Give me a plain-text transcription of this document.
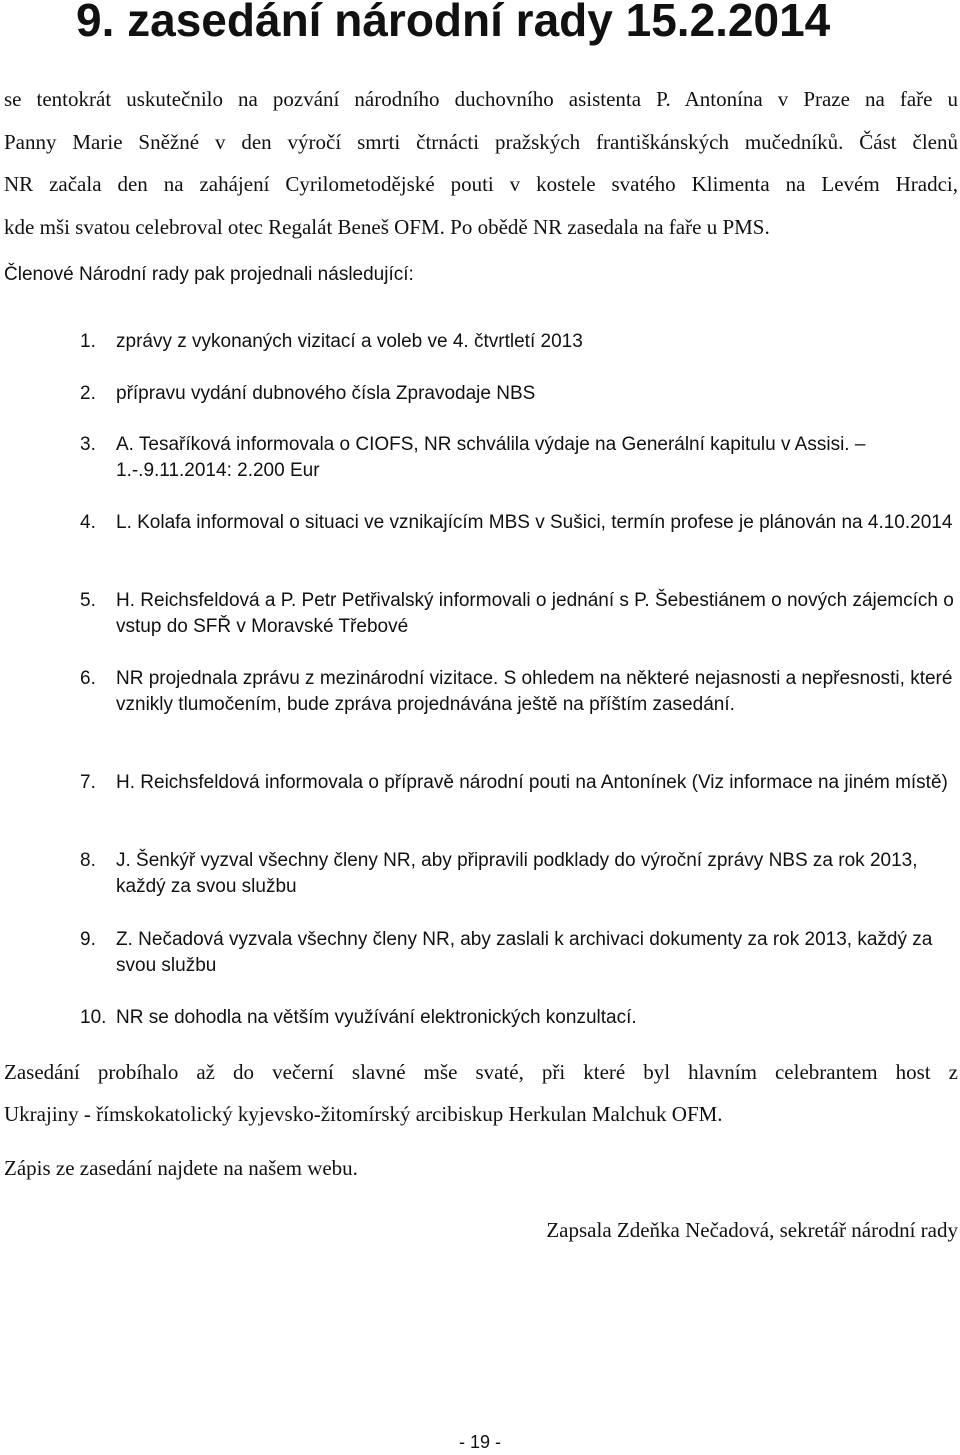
9. zasedání národní rady 15.2.2014

se tentokrát uskutečnilo na pozvání národního duchovního asistenta P. Antonína v Praze na faře u
Panny Marie Sněžné v den výročí smrti čtrnácti pražských františkánských mučedníků. Část členů
NR začala den na zahájení Cyrilometodějské pouti v kostele svatého Klimenta na Levém Hradci,
kde mši svatou celebroval otec Regalát Beneš OFM. Po obědě NR zasedala na faře u PMS.

Členové Národní rady pak projednali následující:

1. zprávy z vykonaných vizitací a voleb ve 4. čtvrtletí 2013
2. přípravu vydání dubnového čísla Zpravodaje NBS
3. A. Tesaříková informovala o CIOFS, NR schválila výdaje na Generální kapitulu v Assisi. – 1.-.9.11.2014: 2.200 Eur
4. L. Kolafa informoval o situaci ve vznikajícím MBS v Sušici, termín profese je plánován na 4.10.2014
5. H. Reichsfeldová a P. Petr Petřivalský informovali o jednání s P. Šebestiánem o nových zájemcích o vstup do SFŘ v Moravské Třebové
6. NR projednala zprávu z mezinárodní vizitace. S ohledem na některé nejasnosti a nepřesnosti, které vznikly tlumočením, bude zpráva projednávána ještě na příštím zasedání.
7. H. Reichsfeldová informovala o přípravě národní pouti na Antonínek (Viz informace na jiném místě)
8. J. Šenkýř vyzval všechny členy NR, aby připravili podklady do výroční zprávy NBS za rok 2013, každý za svou službu
9. Z. Nečadová vyzvala všechny členy NR, aby zaslali k archivaci dokumenty za rok 2013, každý za svou službu
10. NR se dohodla na větším využívání elektronických konzultací.

Zasedání probíhalo až do večerní slavné mše svaté, při které byl hlavním celebrantem host z
Ukrajiny - římskokatolický kyjevsko-žitomírský arcibiskup Herkulan Malchuk OFM.

Zápis ze zasedání najdete na našem webu.

Zapsala Zdeňka Nečadová, sekretář národní rady

- 19 -
